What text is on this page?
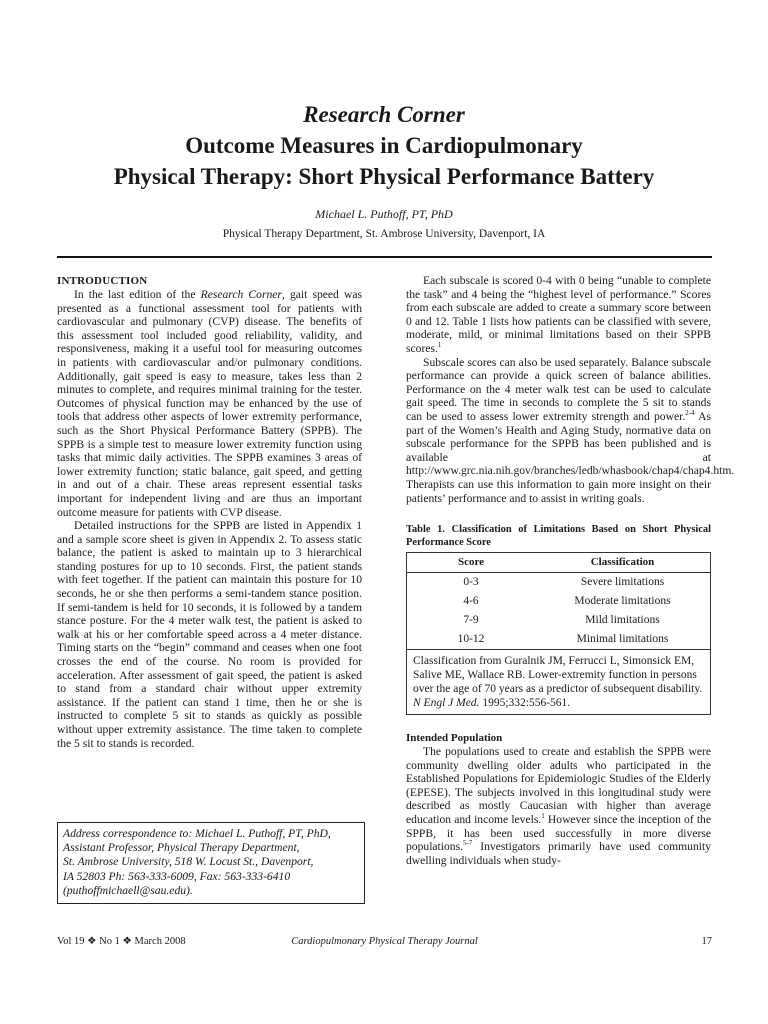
Research Corner
Outcome Measures in Cardiopulmonary
Physical Therapy: Short Physical Performance Battery
Michael L. Puthoff, PT, PhD
Physical Therapy Department, St. Ambrose University, Davenport, IA
INTRODUCTION

In the last edition of the Research Corner, gait speed was presented as a functional assessment tool for patients with cardiovascular and pulmonary (CVP) disease. The benefits of this assessment tool included good reliability, validity, and responsiveness, making it a useful tool for measuring outcomes in patients with cardiovascular and/or pulmonary conditions. Additionally, gait speed is easy to measure, takes less than 2 minutes to complete, and requires minimal training for the tester. Outcomes of physical function may be enhanced by the use of tools that address other aspects of lower extremity performance, such as the Short Physical Performance Battery (SPPB). The SPPB is a simple test to measure lower extremity function using tasks that mimic daily activities. The SPPB examines 3 areas of lower extremity function; static balance, gait speed, and getting in and out of a chair. These areas represent essential tasks important for independent living and are thus an important outcome measure for patients with CVP disease.

Detailed instructions for the SPPB are listed in Appendix 1 and a sample score sheet is given in Appendix 2. To assess static balance, the patient is asked to maintain up to 3 hierarchical standing postures for up to 10 seconds. First, the patient stands with feet together. If the patient can maintain this posture for 10 seconds, he or she then performs a semi-tandem stance position. If semi-tandem is held for 10 seconds, it is followed by a tandem stance posture. For the 4 meter walk test, the patient is asked to walk at his or her comfortable speed across a 4 meter distance. Timing starts on the “begin” command and ceases when one foot crosses the end of the course. No room is provided for acceleration. After assessment of gait speed, the patient is asked to stand from a standard chair without upper extremity assistance. If the patient can stand 1 time, then he or she is instructed to complete 5 sit to stands as quickly as possible without upper extremity assistance. The time taken to complete the 5 sit to stands is recorded.

Address correspondence to: Michael L. Puthoff, PT, PhD,
Assistant Professor, Physical Therapy Department,
St. Ambrose University, 518 W. Locust St., Davenport,
IA 52803 Ph: 563-333-6009, Fax: 563-333-6410
(puthoffmichaell@sau.edu).

Each subscale is scored 0-4 with 0 being “unable to complete the task” and 4 being the “highest level of performance.” Scores from each subscale are added to create a summary score between 0 and 12. Table 1 lists how patients can be classified with severe, moderate, mild, or minimal limitations based on their SPPB scores.$^1$

Subscale scores can also be used separately. Balance subscale performance can provide a quick screen of balance abilities. Performance on the 4 meter walk test can be used to calculate gait speed. The time in seconds to complete the 5 sit to stands can be used to assess lower extremity strength and power.$^{2-4}$ As part of the Women’s Health and Aging Study, normative data on subscale performance for the SPPB has been published and is available at http://www.grc.nia.nih.gov/branches/ledb/whasbook/chap4/chap4.htm. Therapists can use this information to gain more insight on their patients’ performance and to assist in writing goals.

Table 1. Classification of Limitations Based on Short Physical Performance Score
Score	Classification
0-3	Severe limitations
4-6	Moderate limitations
7-9	Mild limitations
10-12	Minimal limitations
Classification from Guralnik JM, Ferrucci L, Simonsick EM, Salive ME, Wallace RB. Lower-extremity function in persons over the age of 70 years as a predictor of subsequent disability. N Engl J Med. 1995;332:556-561.	
Intended Population

The populations used to create and establish the SPPB were community dwelling older adults who participated in the Established Populations for Epidemiologic Studies of the Elderly (EPESE). The subjects involved in this longitudinal study were described as mostly Caucasian with higher than average education and income levels.$^1$ However since the inception of the SPPB, it has been used successfully in more diverse populations.$^{5-7}$ Investigators primarily have used community dwelling individuals when study-

Vol 19 ❖ No 1 ❖ March 2008	Cardiopulmonary Physical Therapy Journal	17
